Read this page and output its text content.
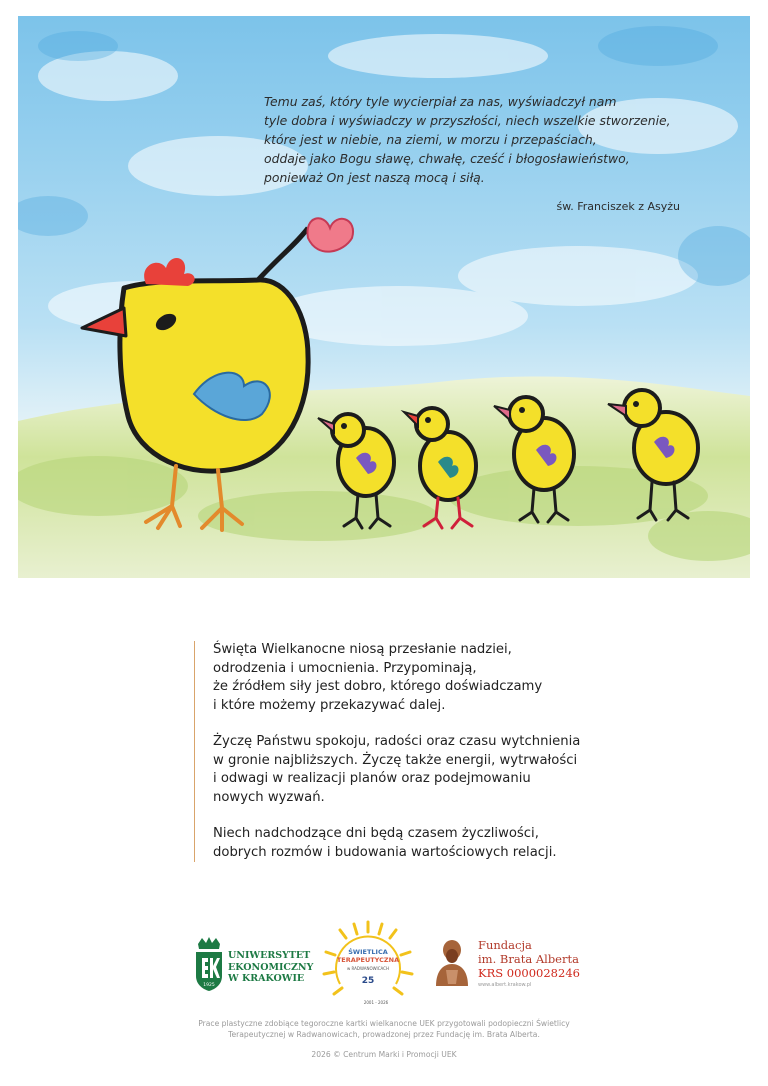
Temu zaś, który tyle wycierpiał za nas, wyświadczył nam
tyle dobra i wyświadczy w przyszłości, niech wszelkie stworzenie,
które jest w niebie, na ziemi, w morzu i przepaściach,
oddaje jako Bogu sławę, chwałę, cześć i błogosławieństwo,
ponieważ On jest naszą mocą i siłą.
św. Franciszek z Asyżu

Święta Wielkanocne niosą przesłanie nadziei,
odrodzenia i umocnienia. Przypominają,
że źródłem siły jest dobro, którego doświadczamy
i które możemy przekazywać dalej.

Życzę Państwu spokoju, radości oraz czasu wytchnienia
w gronie najbliższych. Życzę także energii, wytrwałości
i odwagi w realizacji planów oraz podejmowaniu
nowych wyzwań.

Niech nadchodzące dni będą czasem życzliwości,
dobrych rozmów i budowania wartościowych relacji.

1925
UNIWERSYTET
EKONOMICZNY
W KRAKOWIE
2001 - 2026
ŚWIETLICA
TERAPEUTYCZNA
w RADWANOWICACH
25
Fundacja
im. Brata Alberta
KRS 0000028246
www.albert.krakow.pl
Prace plastyczne zdobiące tegoroczne kartki wielkanocne UEK przygotowali podopieczni Świetlicy
Terapeutycznej w Radwanowicach, prowadzonej przez Fundację im. Brata Alberta.
2026 © Centrum Marki i Promocji UEK
